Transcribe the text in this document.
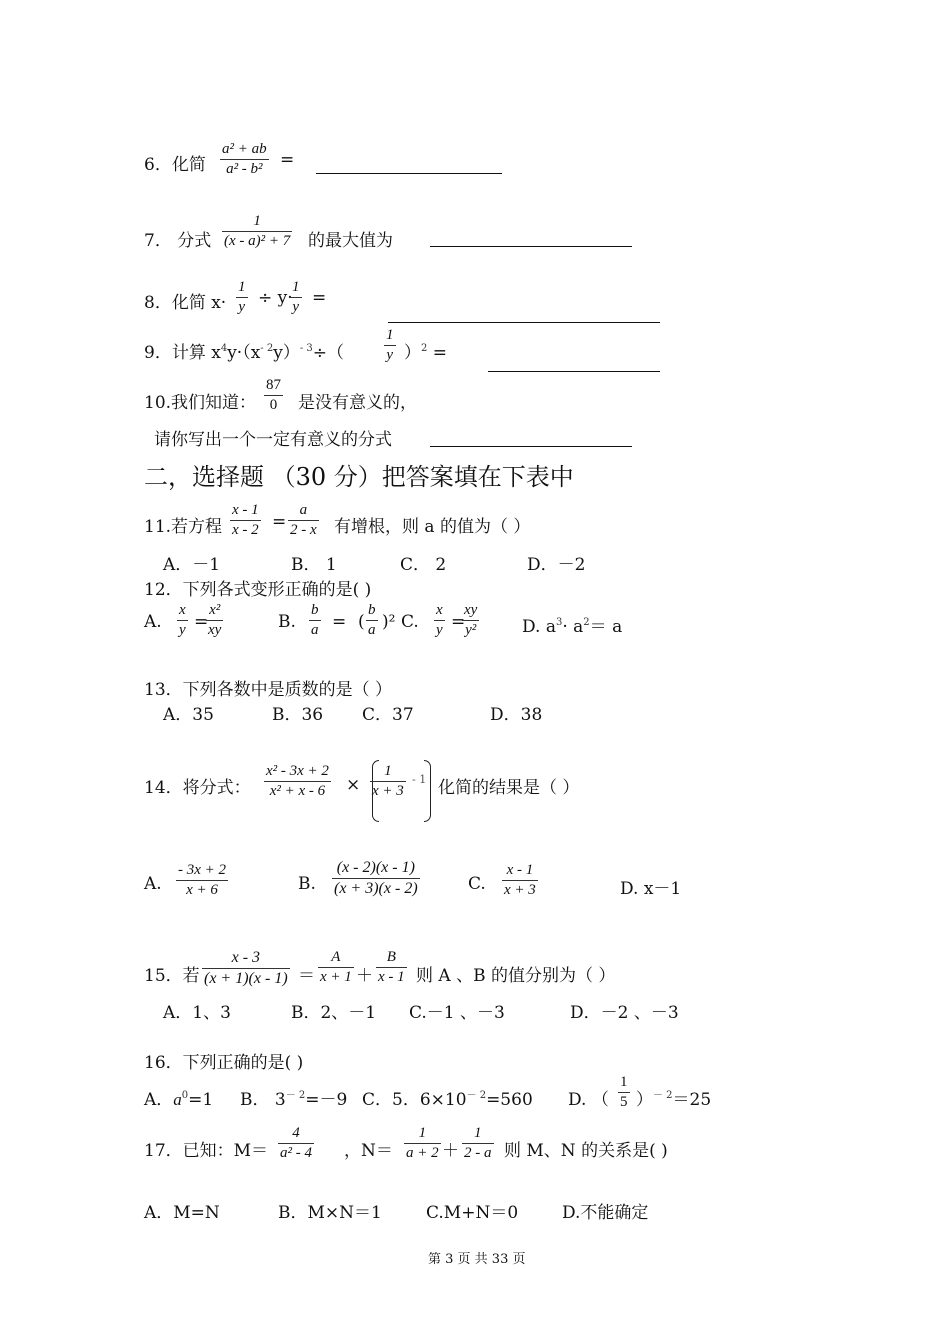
6．化简
a² + ab
a² - b²	=
7． 分式
1
(x - a)² + 7 的最大值为
8．化简 x·
1
y ÷ y·
1
y =
9．计算 $x^4y\cdot(x^{- 2}y)^{- 3}\div$（
1
y ）$^2$ =
10.我们知道：
87
0	是没有意义的，
请你写出一个一定有意义的分式
二，选择题 （30 分）把答案填在下表中
11.若方程
x - 1
x - 2 =
a
2 - x 有增根，则 a 的值为（ ）
A．－1	B． 1	C． 2	D．－2
12．下列各式变形正确的是( )
A.
x
y =
x²
xy	B.
b
a = (
b
a )² C.
x
y =
xy
y²	D. $a^3\cdot a^2= a$
13．下列各数中是质数的是（ ）
A．35	B．36 C．37	D．38
14．将分式：
x² - 3x + 2
x² + x - 6	×
1
x + 3
- 1 化简的结果是（ ）
A.
- 3x + 2
x + 6	B.
(x - 2)(x - 1)
(x + 3)(x - 2)	C.
x - 1
x + 3	D. x－1
15．若
x - 3
(x + 1)(x - 1) ＝
A
x + 1 ＋
B
x - 1 则 A 、B 的值分别为（ ）
A．1、3	B．2、－1 C.－1 、－3	D．－2 、－3
16．下列正确的是( )
A．$a^0=1$ B． $3^{- 2}=-9$ C．5．$6\times 10^{- 2}=560$ D. （
1
5 ）$^{- 2}$＝25
17．已知：M＝
4
a² - 4 ，N＝
1
a + 2 ＋
1
2 - a 则 M、N 的关系是( )
A．M=N	B．M×N＝1	C.M+N＝0	D.不能确定
第 3 页 共 33 页
